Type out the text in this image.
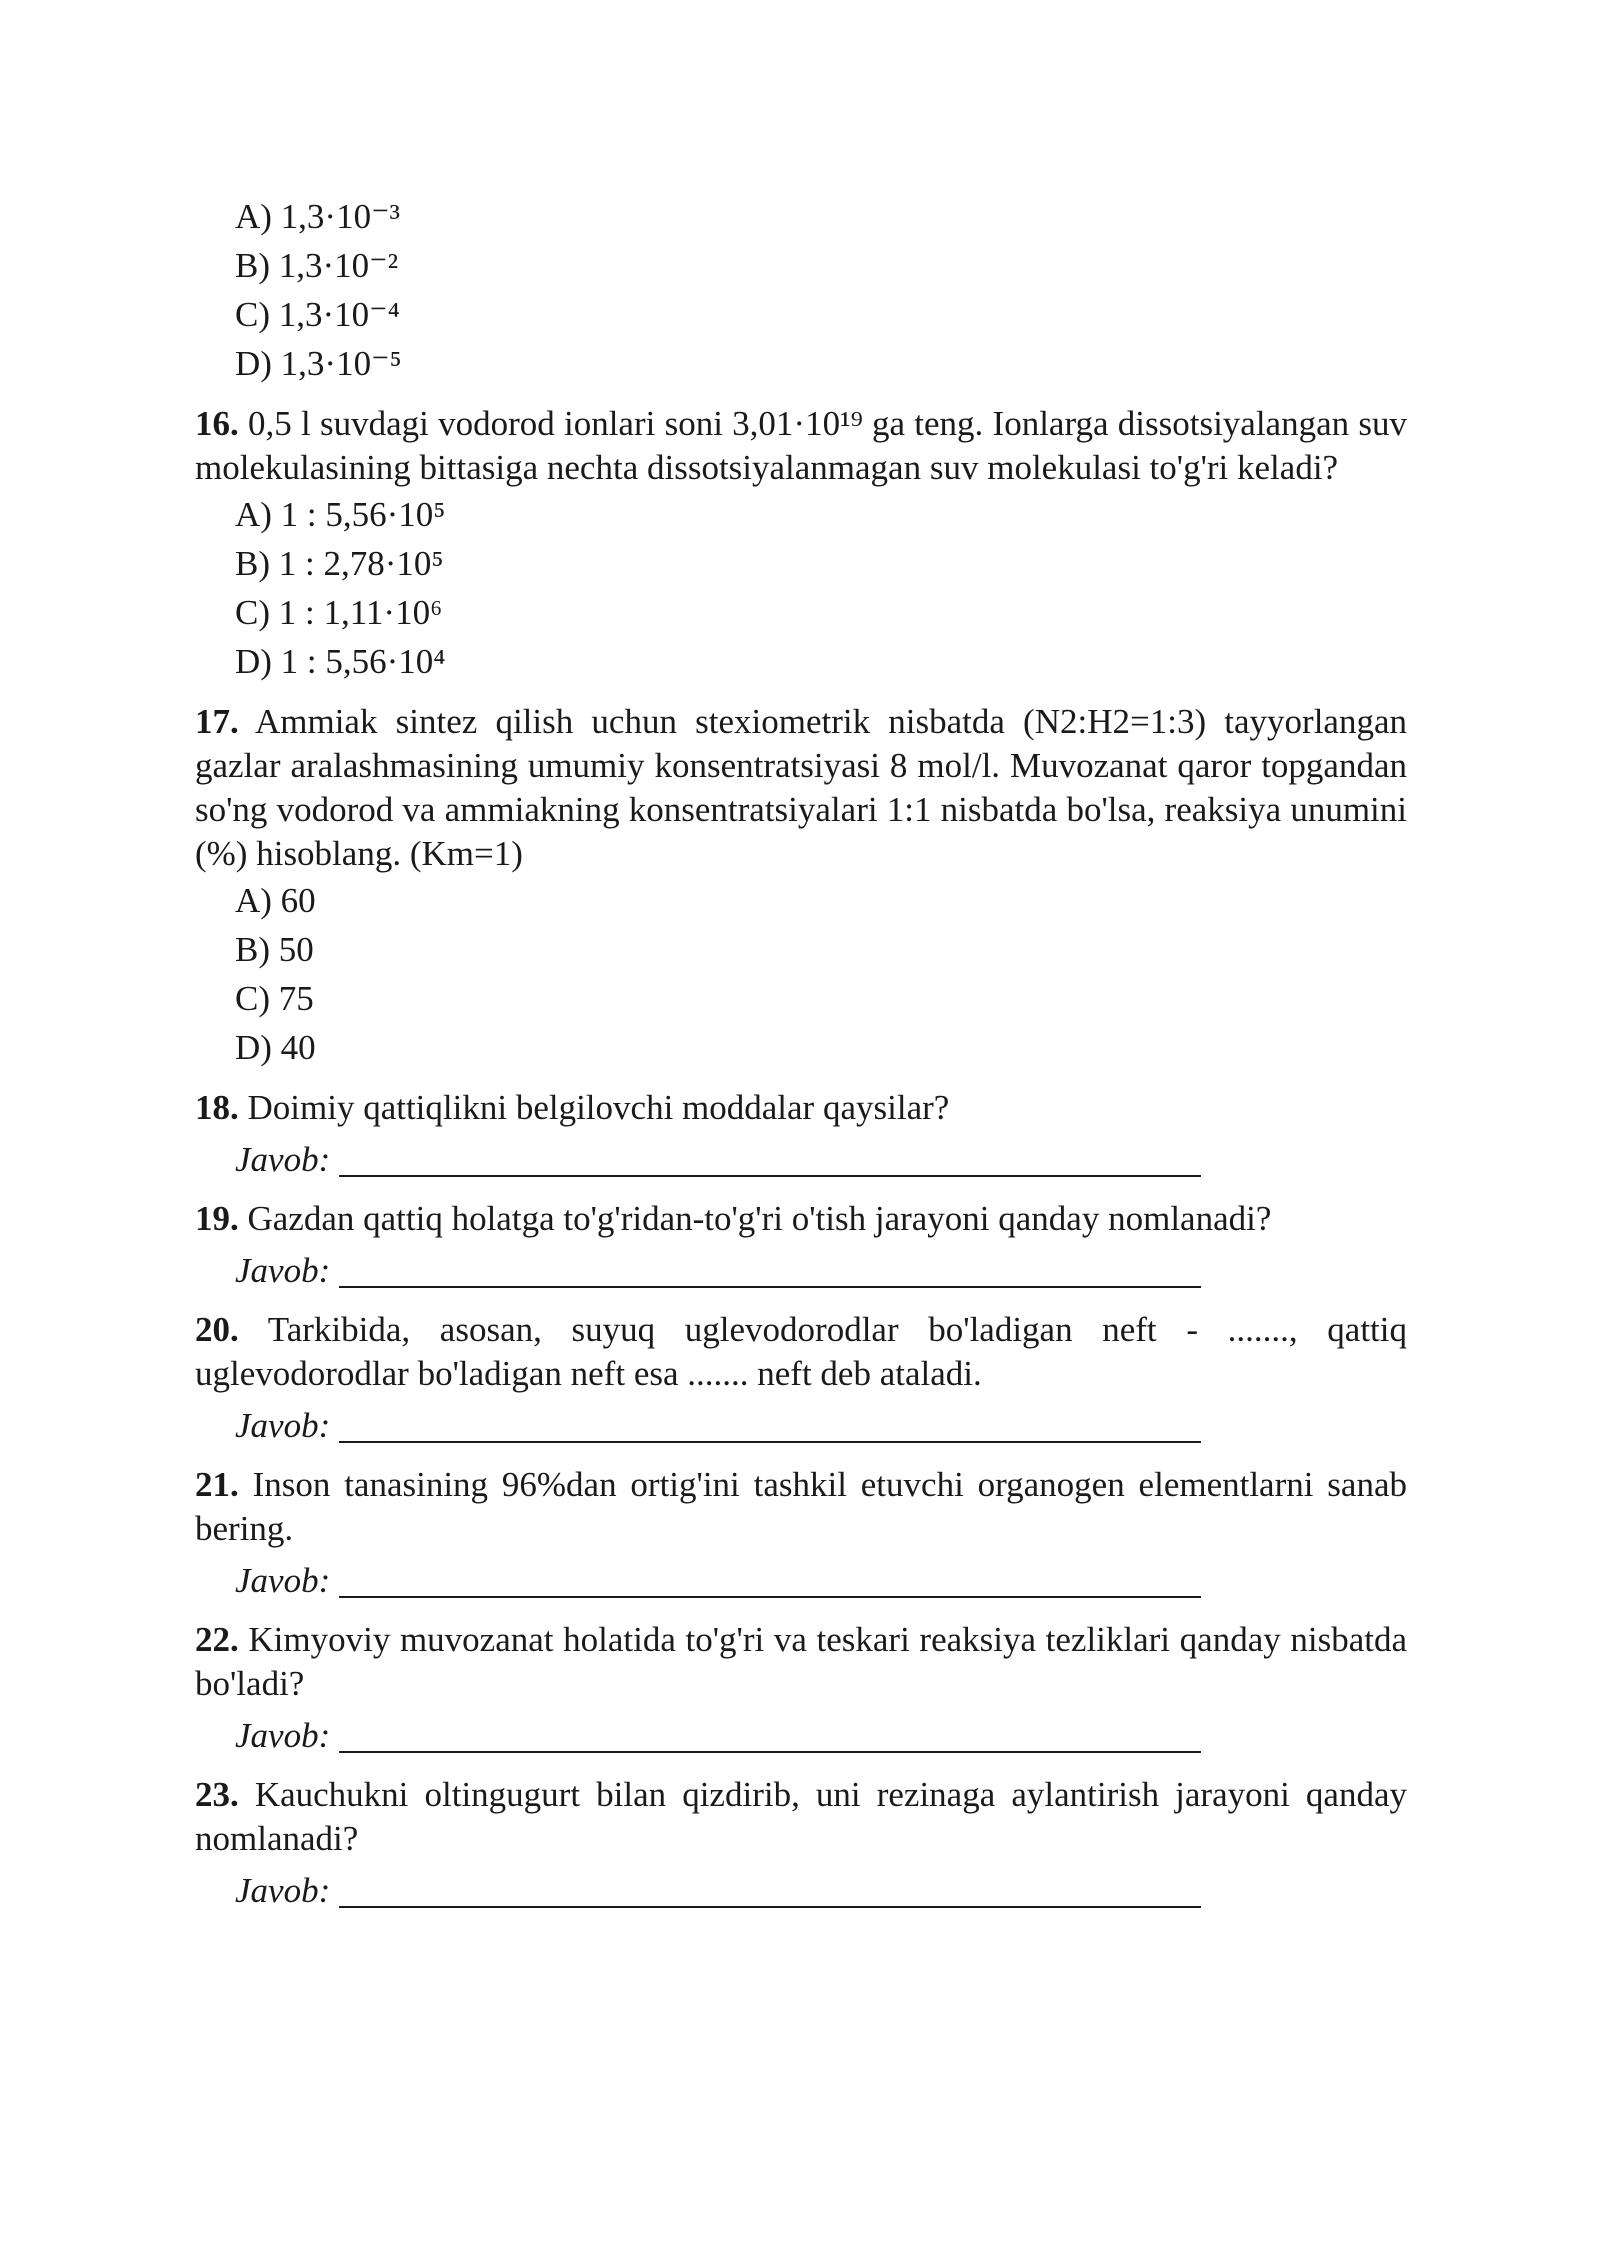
A) 1,3·10⁻³
B) 1,3·10⁻²
C) 1,3·10⁻⁴
D) 1,3·10⁻⁵
16. 0,5 l suvdagi vodorod ionlari soni 3,01·10¹⁹ ga teng. Ionlarga dissotsiyalangan suv molekulasining bittasiga nechta dissotsiyalanmagan suv molekulasi to'g'ri keladi?
A) 1 : 5,56·10⁵
B) 1 : 2,78·10⁵
C) 1 : 1,11·10⁶
D) 1 : 5,56·10⁴
17. Ammiak sintez qilish uchun stexiometrik nisbatda (N2:H2=1:3) tayyorlangan gazlar aralashmasining umumiy konsentratsiyasi 8 mol/l. Muvozanat qaror topgandan so'ng vodorod va ammiakning konsentratsiyalari 1:1 nisbatda bo'lsa, reaksiya unumini (%) hisoblang. (Km=1)
A) 60
B) 50
C) 75
D) 40
18. Doimiy qattiqlikni belgilovchi moddalar qaysilar?
Javob:
19. Gazdan qattiq holatga to'g'ridan-to'g'ri o'tish jarayoni qanday nomlanadi?
Javob:
20. Tarkibida, asosan, suyuq uglevodorodlar bo'ladigan neft - ......., qattiq uglevodorodlar bo'ladigan neft esa ....... neft deb ataladi.
Javob:
21. Inson tanasining 96%dan ortig'ini tashkil etuvchi organogen elementlarni sanab bering.
Javob:
22. Kimyoviy muvozanat holatida to'g'ri va teskari reaksiya tezliklari qanday nisbatda bo'ladi?
Javob:
23. Kauchukni oltingugurt bilan qizdirib, uni rezinaga aylantirish jarayoni qanday nomlanadi?
Javob:
